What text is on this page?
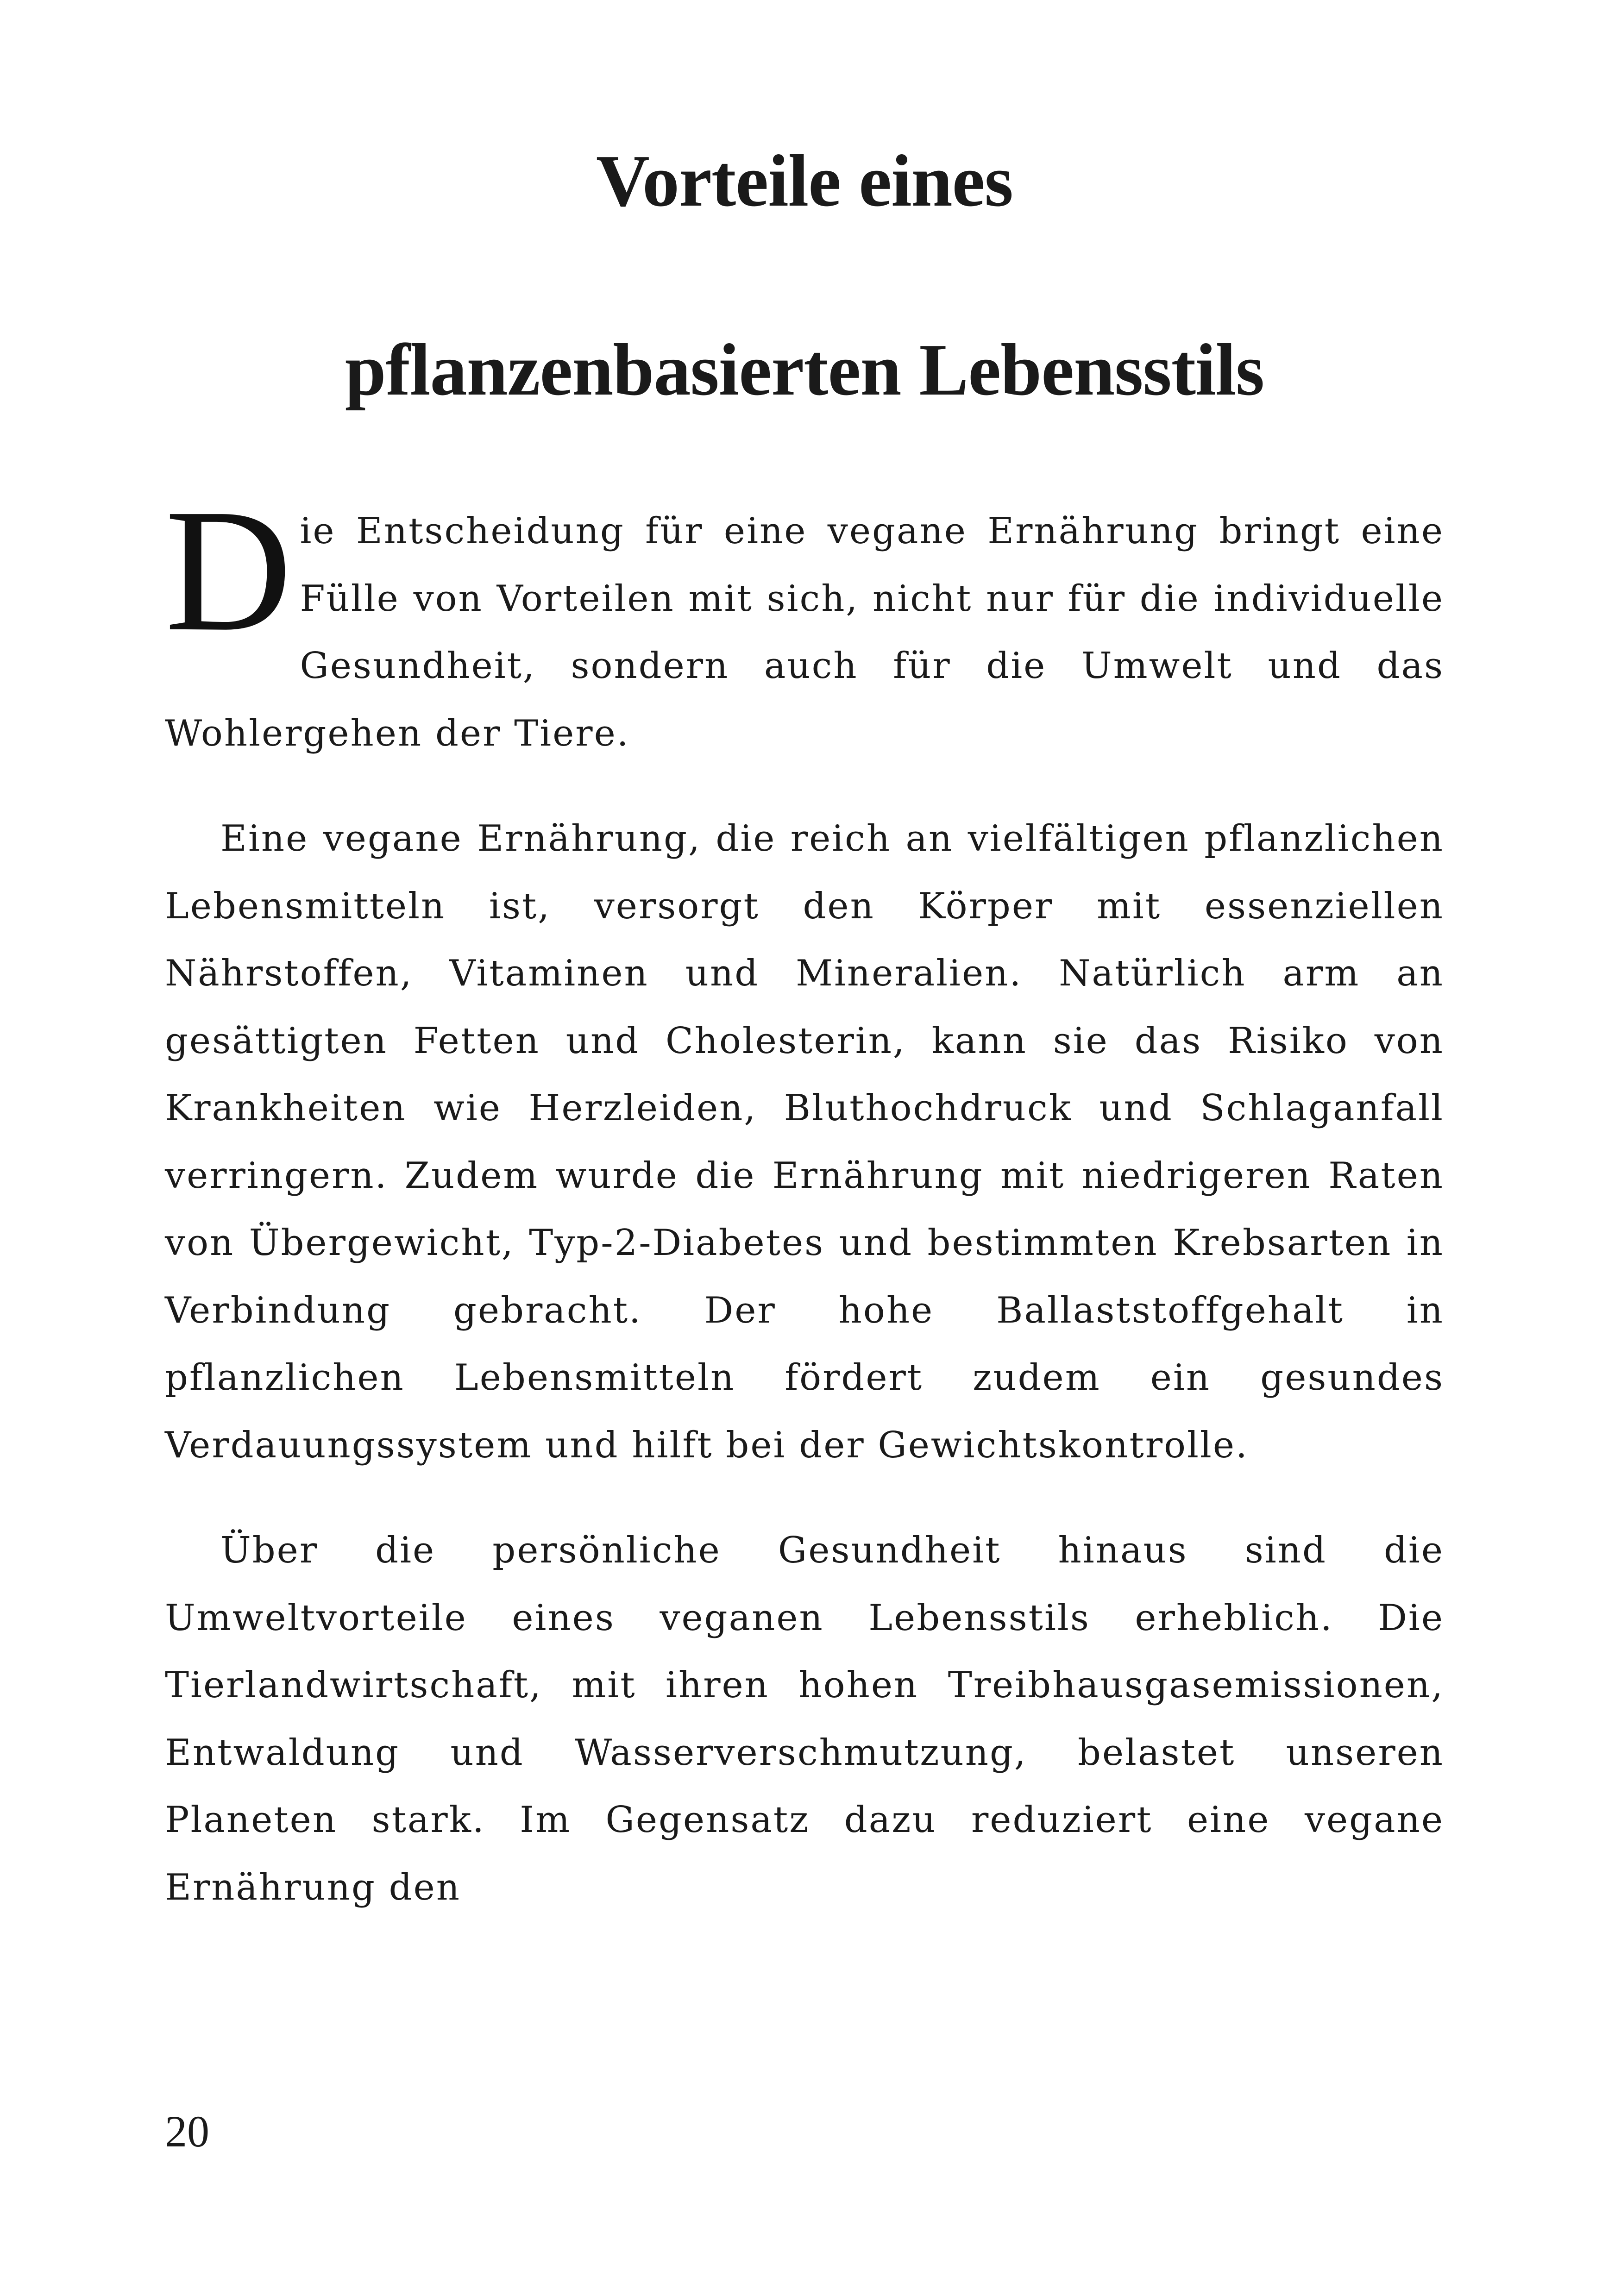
Vorteile eines
pflanzenbasierten Lebensstils

Die Entscheidung für eine vegane Ernährung bringt eine Fülle von Vorteilen mit sich, nicht nur für die individuelle Gesundheit, sondern auch für die Umwelt und das Wohlergehen der Tiere.

Eine vegane Ernährung, die reich an vielfältigen pflanzlichen Lebensmitteln ist, versorgt den Körper mit essenziellen Nährstoffen, Vitaminen und Mineralien. Natürlich arm an gesättigten Fetten und Cholesterin, kann sie das Risiko von Krankheiten wie Herzleiden, Bluthochdruck und Schlaganfall verringern. Zudem wurde die Ernährung mit niedrigeren Raten von Übergewicht, Typ-2-Diabetes und bestimmten Krebsarten in Verbindung gebracht. Der hohe Ballaststoffgehalt in pflanzlichen Lebensmitteln fördert zudem ein gesundes Verdauungssystem und hilft bei der Gewichtskontrolle.

Über die persönliche Gesundheit hinaus sind die Umweltvorteile eines veganen Lebensstils erheblich. Die Tierlandwirtschaft, mit ihren hohen Treibhausgasemissionen, Entwaldung und Wasserverschmutzung, belastet unseren Planeten stark. Im Gegensatz dazu reduziert eine vegane Ernährung den

20
